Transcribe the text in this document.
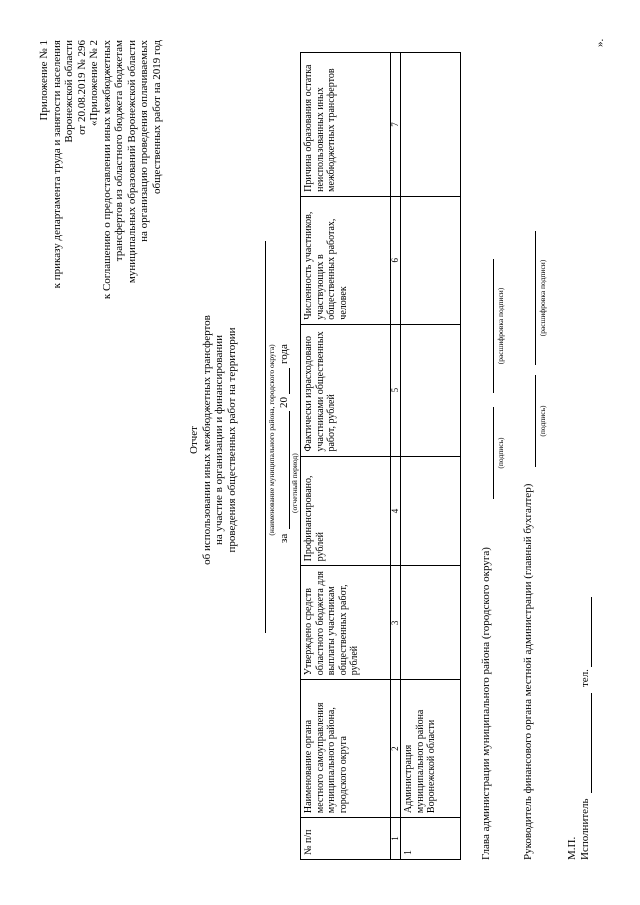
Приложение № 1 к приказу департамента труда и занятости населения Воронежской области от 20.08.2019 № 296 «Приложение № 2 к Соглашению о предоставлении иных межбюджетных трансфертов из областного бюджета бюджетам муниципальных образований Воронежской области на организацию проведения оплачиваемых общественных работ на 2019 год
Отчет об использовании иных межбюджетных трансфертов на участие в организации и финансировании проведения общественных работ на территории	(наименование муниципального района, городского округа)
за
20
года
(отчетный период)
№ п/п	Наименование органа местного самоуправления муниципального района, городского округа	Утверждено средств областного бюджета для выплаты участникам общественных работ, рублей	Профинансировано, рублей	Фактически израсходовано участниками общественных работ, рублей	Численность участников, участвующих в общественных работах, человек	Причина образования остатка неиспользованных иных межбюджетных трансфертов
1	2	3	4	5	6	7
1	Администрация муниципального района Воронежской области					
».
Глава администрации муниципального района (городского округа)
(подпись)
(расшифровка подписи)
Руководитель финансового органа местной администрации (главный бухгалтер)
(подпись)
(расшифровка подписи)
М.П. Исполнитель
тел.
